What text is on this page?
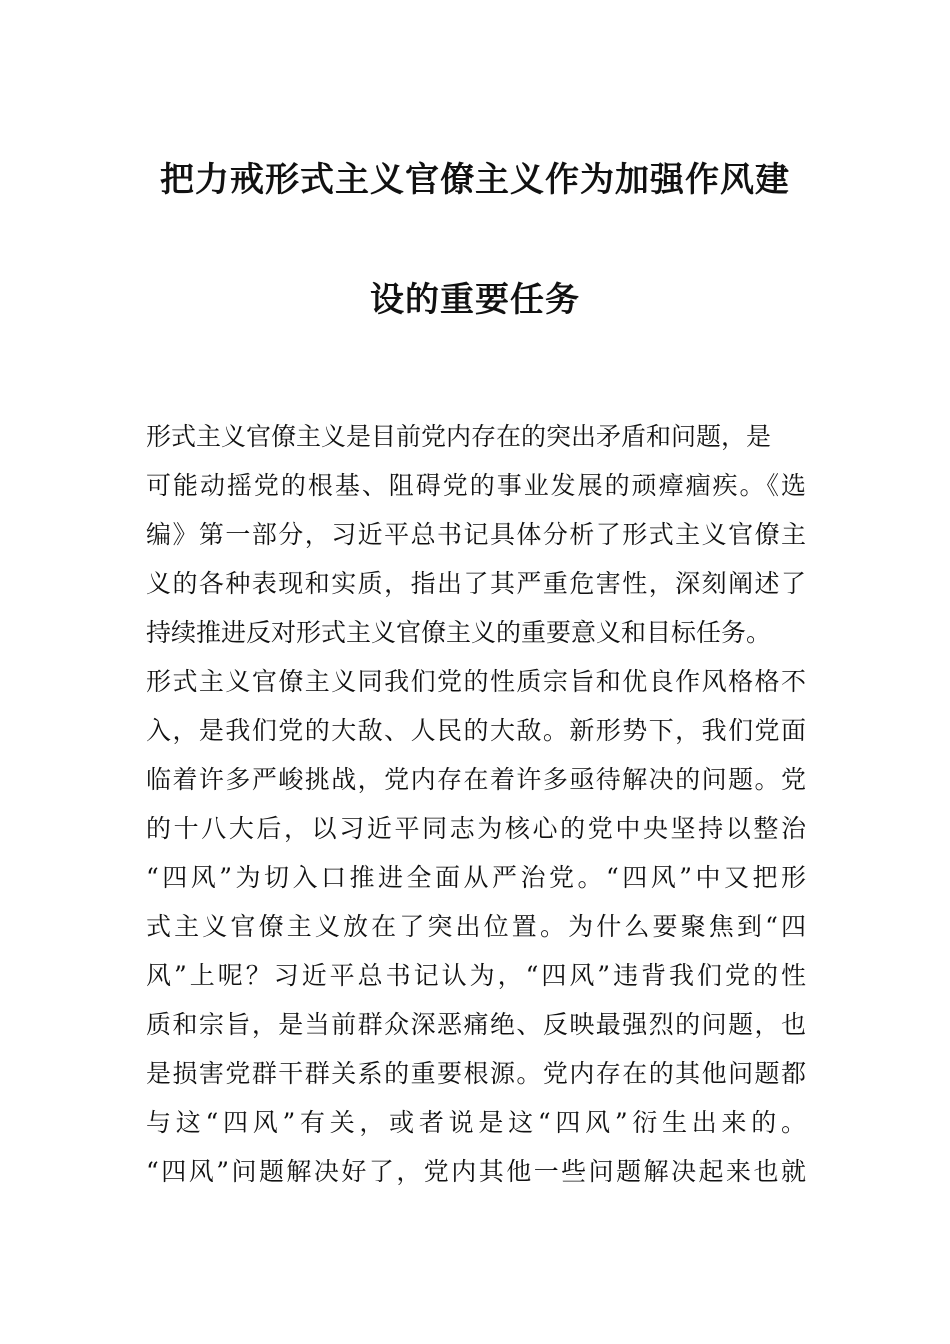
把力戒形式主义官僚主义作为加强作风建
设的重要任务
形式主义官僚主义是目前党内存在的突出矛盾和问题，是
可能动摇党的根基、阻碍党的事业发展的顽瘴痼疾。《选
编》第一部分，习近平总书记具体分析了形式主义官僚主
义的各种表现和实质，指出了其严重危害性，深刻阐述了
持续推进反对形式主义官僚主义的重要意义和目标任务。
形式主义官僚主义同我们党的性质宗旨和优良作风格格不
入，是我们党的大敌、人民的大敌。新形势下，我们党面
临着许多严峻挑战，党内存在着许多亟待解决的问题。党
的十八大后，以习近平同志为核心的党中央坚持以整治
“四风”为切入口推进全面从严治党。“四风”中又把形
式主义官僚主义放在了突出位置。为什么要聚焦到“四
风”上呢？习近平总书记认为，“四风”违背我们党的性
质和宗旨，是当前群众深恶痛绝、反映最强烈的问题，也
是损害党群干群关系的重要根源。党内存在的其他问题都
与这“四风”有关，或者说是这“四风”衍生出来的。
“四风”问题解决好了，党内其他一些问题解决起来也就
